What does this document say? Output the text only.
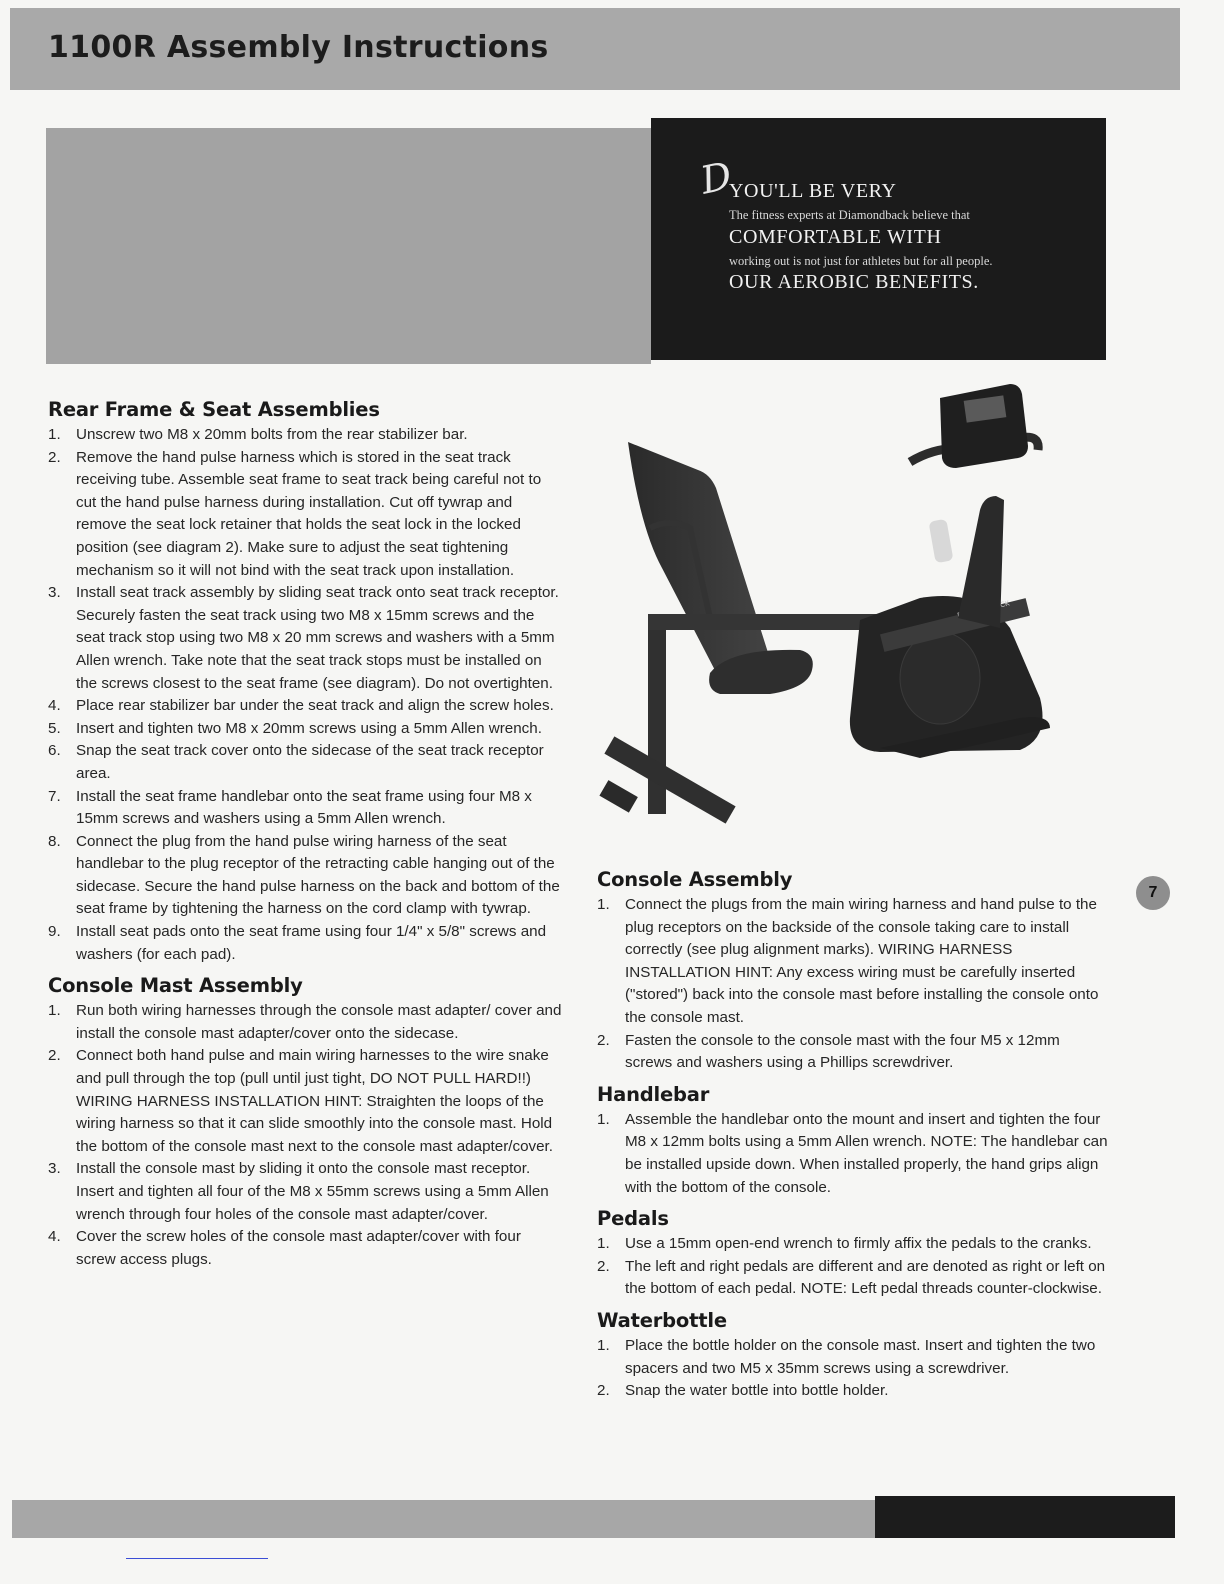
1100R Assembly Instructions
D
YOU'LL BE VERY
The fitness experts at Diamondback believe that
COMFORTABLE WITH
working out is not just for athletes but for all people.
OUR AEROBIC BENEFITS.
Rear Frame & Seat Assemblies
1.	Unscrew two M8 x 20mm bolts from the rear stabilizer bar.
2.	Remove the hand pulse harness which is stored in the seat track receiving tube. Assemble seat frame to seat track being careful not to cut the hand pulse harness during installation. Cut off tywrap and remove the seat lock retainer that holds the seat lock in the locked position (see diagram 2). Make sure to adjust the seat tightening mechanism so it will not bind with the seat track upon installation.
3.	Install seat track assembly by sliding seat track onto seat track receptor. Securely fasten the seat track using two M8 x 15mm screws and the seat track stop using two M8 x 20 mm screws and washers with a 5mm Allen wrench. Take note that the seat track stops must be installed on the screws closest to the seat frame (see diagram). Do not overtighten.
4.	Place rear stabilizer bar under the seat track and align the screw holes.
5.	Insert and tighten two M8 x 20mm screws using a 5mm Allen wrench.
6.	Snap the seat track cover onto the sidecase of the seat track receptor area.
7.	Install the seat frame handlebar onto the seat frame using four M8 x 15mm screws and washers using a 5mm Allen wrench.
8.	Connect the plug from the hand pulse wiring harness of the seat handlebar to the plug receptor of the retracting cable hanging out of the sidecase. Secure the hand pulse harness on the back and bottom of the seat frame by tightening the harness on the cord clamp with tywrap.
9.	Install seat pads onto the seat frame using four 1/4" x 5/8" screws and washers (for each pad).
Console Mast Assembly
1.	Run both wiring harnesses through the console mast adapter/ cover and install the console mast adapter/cover onto the sidecase.
2.	Connect both hand pulse and main wiring harnesses to the wire snake and pull through the top (pull until just tight, DO NOT PULL HARD!!) WIRING HARNESS INSTALLATION HINT: Straighten the loops of the wiring harness so that it can slide smoothly into the console mast. Hold the bottom of the console mast next to the console mast adapter/cover.
3.	Install the console mast by sliding it onto the console mast receptor. Insert and tighten all four of the M8 x 55mm screws using a 5mm Allen wrench through four holes of the console mast adapter/cover.
4.	Cover the screw holes of the console mast adapter/cover with four screw access plugs.
Console Assembly
1.	Connect the plugs from the main wiring harness and hand pulse to the plug receptors on the backside of the console taking care to install correctly (see plug alignment marks). WIRING HARNESS INSTALLATION HINT: Any excess wiring must be carefully inserted ("stored") back into the console mast before installing the console onto the console mast.
2.	Fasten the console to the console mast with the four M5 x 12mm screws and washers using a Phillips screwdriver.
Handlebar
1.	Assemble the handlebar onto the mount and insert and tighten the four M8 x 12mm bolts using a 5mm Allen wrench. NOTE: The handlebar can be installed upside down. When installed properly, the hand grips align with the bottom of the console.
Pedals
1.	Use a 15mm open-end wrench to firmly affix the pedals to the cranks.
2.	The left and right pedals are different and are denoted as right or left on the bottom of each pedal. NOTE: Left pedal threads counter-clockwise.
Waterbottle
1.	Place the bottle holder on the console mast. Insert and tighten the two spacers and two M5 x 35mm screws using a screwdriver.
2.	Snap the water bottle into bottle holder.
7
